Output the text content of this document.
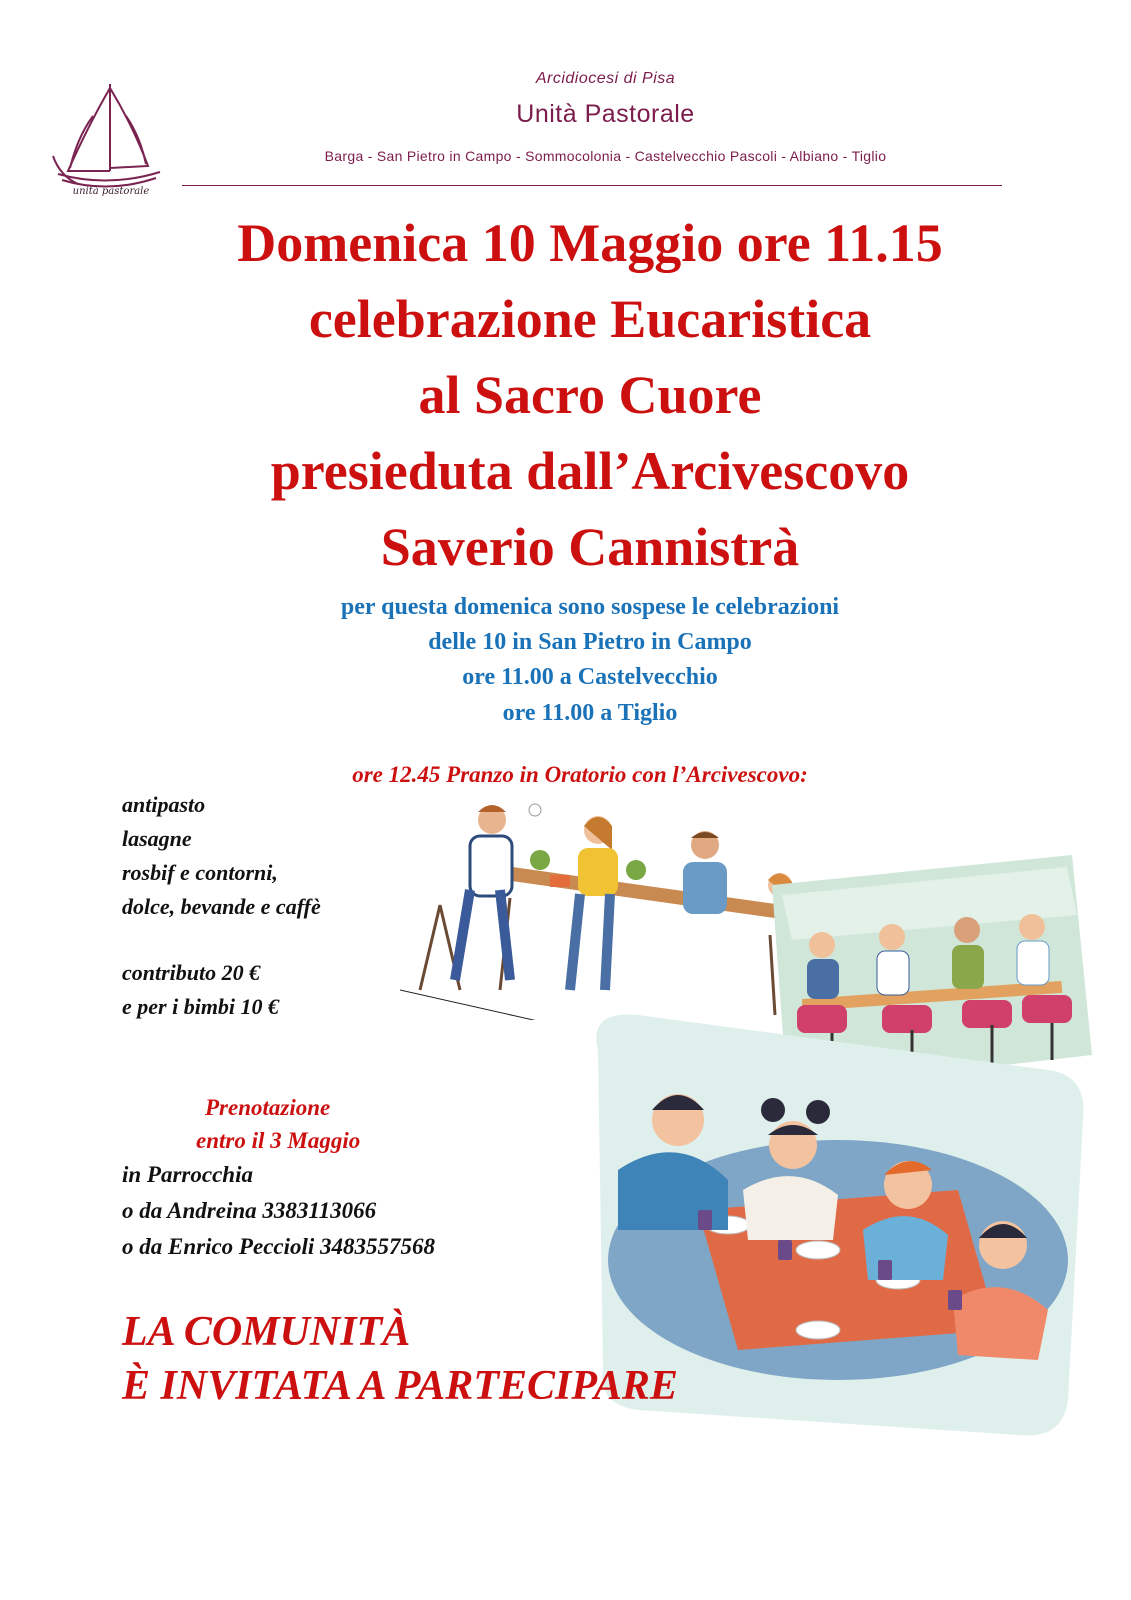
unità pastorale
Arcidiocesi di Pisa
Unità Pastorale
Barga - San Pietro in Campo - Sommocolonia - Castelvecchio Pascoli - Albiano - Tiglio
Domenica 10 Maggio ore 11.15
celebrazione Eucaristica
al Sacro Cuore
presieduta dall’Arcivescovo
Saverio Cannistrà
per questa domenica sono sospese le celebrazioni
delle 10 in San Pietro in Campo
ore 11.00 a Castelvecchio
ore 11.00 a Tiglio
ore 12.45 Pranzo in Oratorio con l’Arcivescovo:
antipasto
lasagne
rosbif e contorni,
dolce, bevande e caffè
contributo 20 €
e per i bimbi 10 €
Prenotazione
entro il 3 Maggio
in Parrocchia
o da Andreina 3383113066
o da Enrico Peccioli 3483557568
LA COMUNITÀ
È INVITATA A PARTECIPARE
